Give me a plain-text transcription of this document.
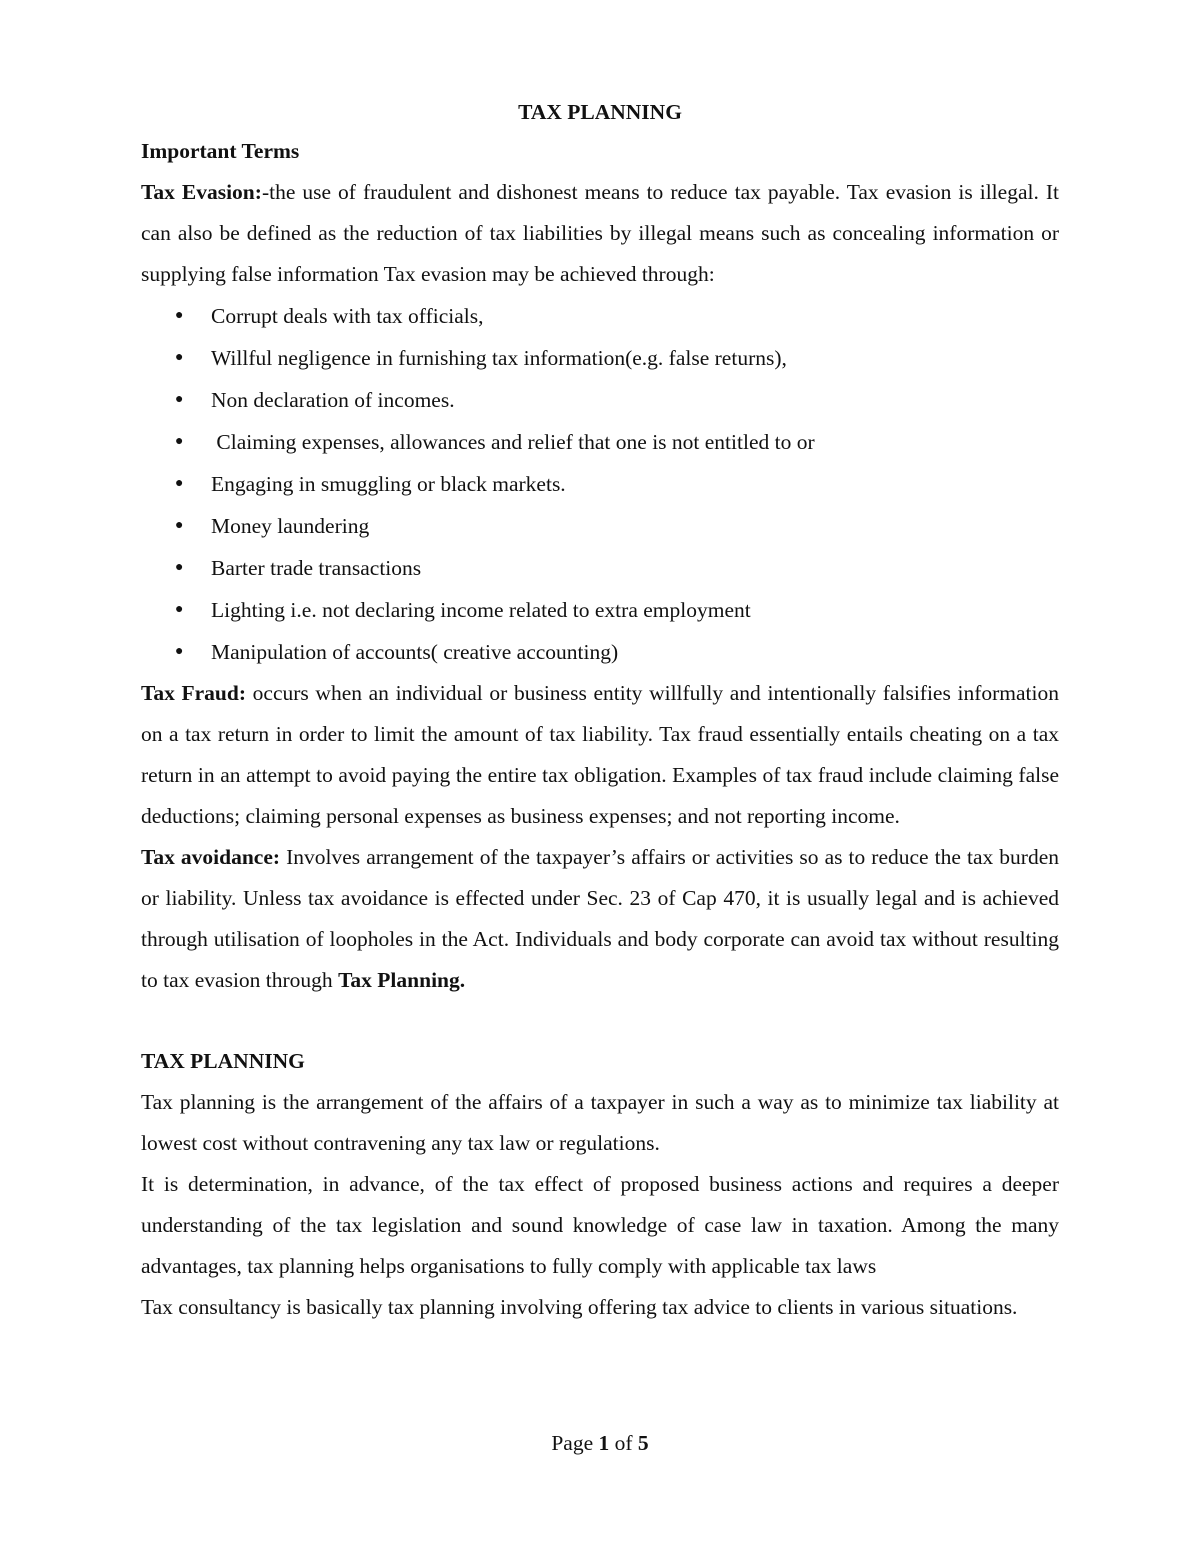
TAX PLANNING
Important Terms

Tax Evasion:-the use of fraudulent and dishonest means to reduce tax payable. Tax evasion is illegal. It can also be defined as the reduction of tax liabilities by illegal means such as concealing information or supplying false information Tax evasion may be achieved through:

● Corrupt deals with tax officials,
● Willful negligence in furnishing tax information(e.g. false returns),
● Non declaration of incomes.
●  Claiming expenses, allowances and relief that one is not entitled to or
● Engaging in smuggling or black markets.
● Money laundering
● Barter trade transactions
● Lighting i.e. not declaring income related to extra employment
● Manipulation of accounts( creative accounting)

Tax Fraud: occurs when an individual or business entity willfully and intentionally falsifies information on a tax return in order to limit the amount of tax liability. Tax fraud essentially entails cheating on a tax return in an attempt to avoid paying the entire tax obligation. Examples of tax fraud include claiming false deductions; claiming personal expenses as business expenses; and not reporting income.

Tax avoidance: Involves arrangement of the taxpayer’s affairs or activities so as to reduce the tax burden or liability. Unless tax avoidance is effected under Sec. 23 of Cap 470, it is usually legal and is achieved through utilisation of loopholes in the Act. Individuals and body corporate can avoid tax without resulting to tax evasion through Tax Planning.

TAX PLANNING

Tax planning is the arrangement of the affairs of a taxpayer in such a way as to minimize tax liability at lowest cost without contravening any tax law or regulations.

It is determination, in advance, of the tax effect of proposed business actions and requires a deeper understanding of the tax legislation and sound knowledge of case law in taxation. Among the many advantages, tax planning helps organisations to fully comply with applicable tax laws

Tax consultancy is basically tax planning involving offering tax advice to clients in various situations.

Page 1 of 5
